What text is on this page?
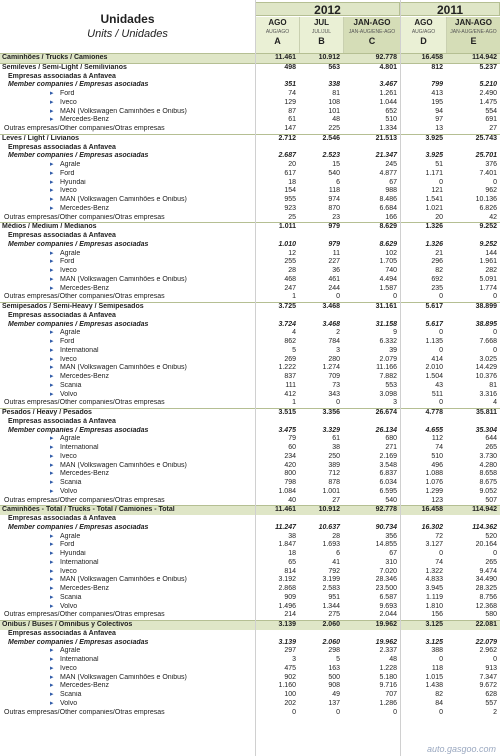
Unidades
Units / Unidades
2012	2011
AGO
AUG/AGO
A
JUL
JUL/JUL
B
JAN-AGO
JAN-AUG/ENE-AGO
C
AGO
AUG/AGO
D
JAN-AGO
JAN-AUG/ENE-AGO
E
Caminhões / Trucks / Camiones	11.461	10.912	92.778	16.458	114.942
Semileves / Semi-Light / Semilivianos	498	563	4.801	812	5.237
Empresas associadas à Anfavea
Member companies / Empresas asociadas	351	338	3.467	799	5.210
▸ Ford	74	81	1.261	413	2.490
▸ Iveco	129	108	1.044	195	1.475
▸ MAN (Volkswagen Caminhões e Ônibus)	87	101	652	94	554
▸ Mercedes-Benz	61	48	510	97	691
Outras empresas/Other companies/Otras empresas	147	225	1.334	13	27
Leves / Light / Livianos	2.712	2.546	21.513	3.925	25.743
Empresas associadas à Anfavea
Member companies / Empresas asociadas	2.687	2.523	21.347	3.925	25.701
▸ Agrale	20	15	245	51	376
▸ Ford	617	540	4.877	1.171	7.401
▸ Hyundai	18	6	67	0	0
▸ Iveco	154	118	988	121	962
▸ MAN (Volkswagen Caminhões e Ônibus)	955	974	8.486	1.541	10.136
▸ Mercedes-Benz	923	870	6.684	1.021	6.826
Outras empresas/Other companies/Otras empresas	25	23	166	20	42
Médios / Medium / Medianos	1.011	979	8.629	1.326	9.252
Empresas associadas à Anfavea
Member companies / Empresas asociadas	1.010	979	8.629	1.326	9.252
▸ Agrale	12	11	102	21	144
▸ Ford	255	227	1.705	296	1.961
▸ Iveco	28	36	740	82	282
▸ MAN (Volkswagen Caminhões e Ônibus)	468	461	4.494	692	5.091
▸ Mercedes-Benz	247	244	1.587	235	1.774
Outras empresas/Other companies/Otras empresas	1	0	0	0	0
Semipesados / Semi-Heavy / Semipesados	3.725	3.468	31.161	5.617	38.899
Empresas associadas à Anfavea
Member companies / Empresas asociadas	3.724	3.468	31.158	5.617	38.895
▸ Agrale	4	2	9	0	0
▸ Ford	862	784	6.332	1.135	7.668
▸ International	5	3	39	0	0
▸ Iveco	269	280	2.079	414	3.025
▸ MAN (Volkswagen Caminhões e Ônibus)	1.222	1.274	11.166	2.010	14.429
▸ Mercedes-Benz	837	709	7.882	1.504	10.376
▸ Scania	111	73	553	43	81
▸ Volvo	412	343	3.098	511	3.316
Outras empresas/Other companies/Otras empresas	1	0	3	0	4
Pesados / Heavy / Pesados	3.515	3.356	26.674	4.778	35.811
Empresas associadas à Anfavea
Member companies / Empresas asociadas	3.475	3.329	26.134	4.655	35.304
▸ Agrale	79	61	680	112	644
▸ International	60	38	271	74	265
▸ Iveco	234	250	2.169	510	3.730
▸ MAN (Volkswagen Caminhões e Ônibus)	420	389	3.548	496	4.280
▸ Mercedes-Benz	800	712	6.837	1.088	8.658
▸ Scania	798	878	6.034	1.076	8.675
▸ Volvo	1.084	1.001	6.595	1.299	9.052
Outras empresas/Other companies/Otras empresas	40	27	540	123	507
Caminhões - Total / Trucks - Total / Camiones - Total	11.461	10.912	92.778	16.458	114.942
Empresas associadas à Anfavea
Member companies / Empresas asociadas	11.247	10.637	90.734	16.302	114.362
▸ Agrale	38	28	356	72	520
▸ Ford	1.847	1.693	14.855	3.127	20.164
▸ Hyundai	18	6	67	0	0
▸ International	65	41	310	74	265
▸ Iveco	814	792	7.020	1.322	9.474
▸ MAN (Volkswagen Caminhões e Ônibus)	3.192	3.199	28.346	4.833	34.490
▸ Mercedes-Benz	2.868	2.583	23.500	3.945	28.325
▸ Scania	909	951	6.587	1.119	8.756
▸ Volvo	1.496	1.344	9.693	1.810	12.368
Outras empresas/Other companies/Otras empresas	214	275	2.044	156	580
Ônibus / Buses / Ómnibus y Colectivos	3.139	2.060	19.962	3.125	22.081
Empresas associadas à Anfavea
Member companies / Empresas asociadas	3.139	2.060	19.962	3.125	22.079
▸ Agrale	297	298	2.337	388	2.962
▸ International	3	5	48	0	0
▸ Iveco	475	163	1.228	118	913
▸ MAN (Volkswagen Caminhões e Ônibus)	902	500	5.180	1.015	7.347
▸ Mercedes-Benz	1.160	908	9.716	1.438	9.672
▸ Scania	100	49	707	82	628
▸ Volvo	202	137	1.286	84	557
Outras empresas/Other companies/Otras empresas	0	0	0	0	2
auto.gasgoo.com
